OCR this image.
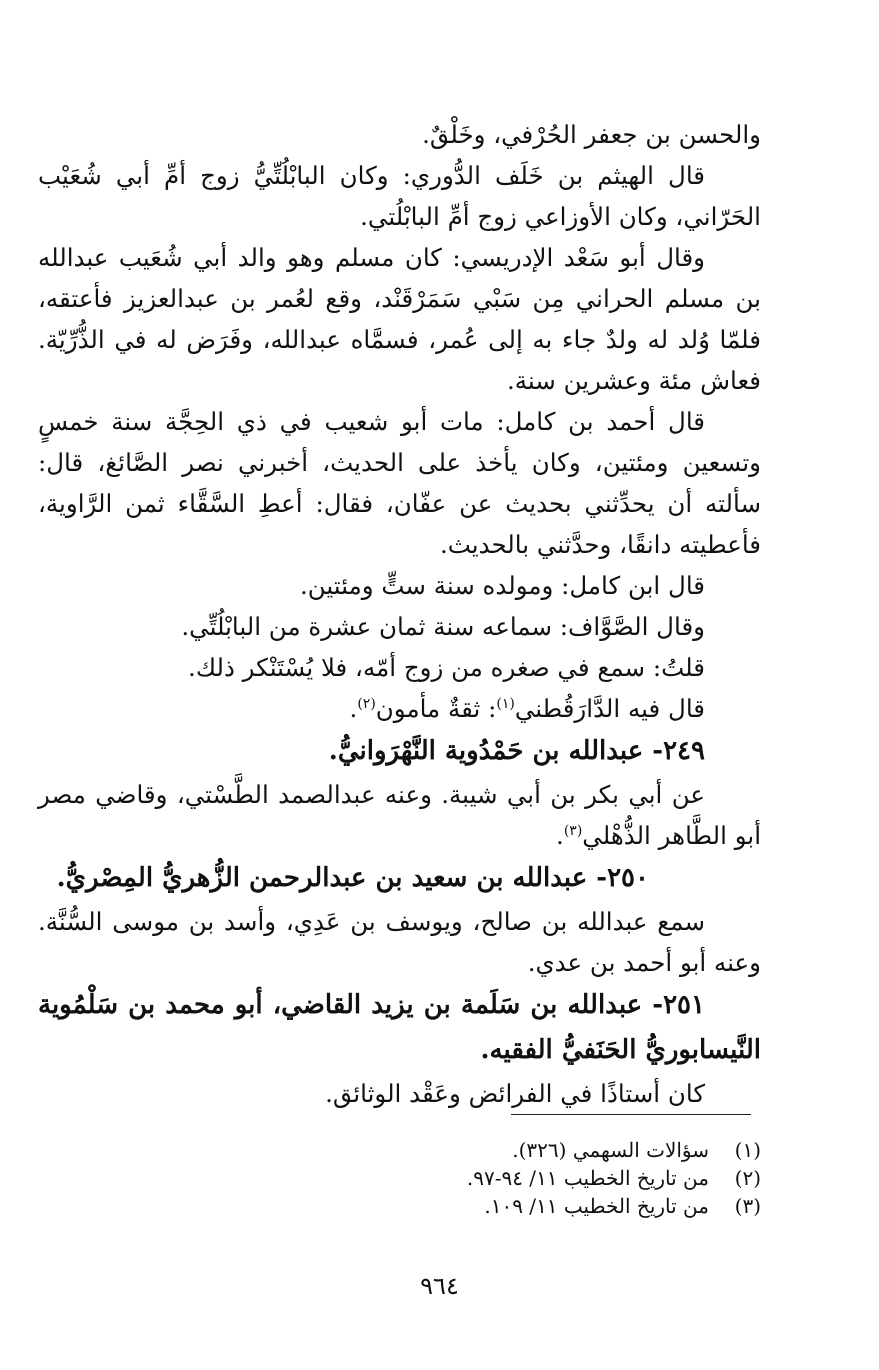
والحسن بن جعفر الحُرْفي، وخَلْقٌ.

قال الهيثم بن خَلَف الدُّوري: وكان البابْلُتِّيُّ زوج أمِّ أبي شُعَيْب الحَرّاني، وكان الأوزاعي زوج أمِّ البابْلُتي.

وقال أبو سَعْد الإدريسي: كان مسلم وهو والد أبي شُعَيب عبدالله بن مسلم الحراني مِن سَبْي سَمَرْقَنْد، وقع لعُمر بن عبدالعزيز فأعتقه، فلمّا وُلد له ولدٌ جاء به إلى عُمر، فسمَّاه عبدالله، وفَرَض له في الذُّرِّيّة. فعاش مئة وعشرين سنة.

قال أحمد بن كامل: مات أبو شعيب في ذي الحِجَّة سنة خمسٍ وتسعين ومئتين، وكان يأخذ على الحديث، أخبرني نصر الصَّائغ، قال: سألته أن يحدِّثني بحديث عن عفّان، فقال: أعطِ السَّقَّاء ثمن الرَّاوية، فأعطيته دانقًا، وحدَّثني بالحديث.

قال ابن كامل: ومولده سنة ستٍّ ومئتين.

وقال الصَّوَّاف: سماعه سنة ثمان عشرة من البابْلُتِّي.

قلتُ: سمع في صغره من زوج أمّه، فلا يُسْتَنْكر ذلك.

قال فيه الدَّارَقُطني$^{(١)}$: ثقةٌ مأمون$^{(٢)}$.

٢٤٩- عبدالله بن حَمْدُوية النَّهْرَوانيُّ.

عن أبي بكر بن أبي شيبة. وعنه عبدالصمد الطَّسْتي، وقاضي مصر أبو الطَّاهر الذُّهْلي$^{(٣)}$.

٢٥٠- عبدالله بن سعيد بن عبدالرحمن الزُّهريُّ المِصْريُّ.

سمع عبدالله بن صالح، ويوسف بن عَدِي، وأسد بن موسى السُّنَّة. وعنه أبو أحمد بن عدي.

٢٥١- عبدالله بن سَلَمة بن يزيد القاضي، أبو محمد بن سَلْمُوية النَّيسابوريُّ الحَنَفيُّ الفقيه.

كان أستاذًا في الفرائض وعَقْد الوثائق.

(١)
سؤالات السهمي (٣٢٦).

(٢)
من تاريخ الخطيب ١١/ ٩٤-٩٧.

(٣)
من تاريخ الخطيب ١١/ ١٠٩.

٩٦٤
